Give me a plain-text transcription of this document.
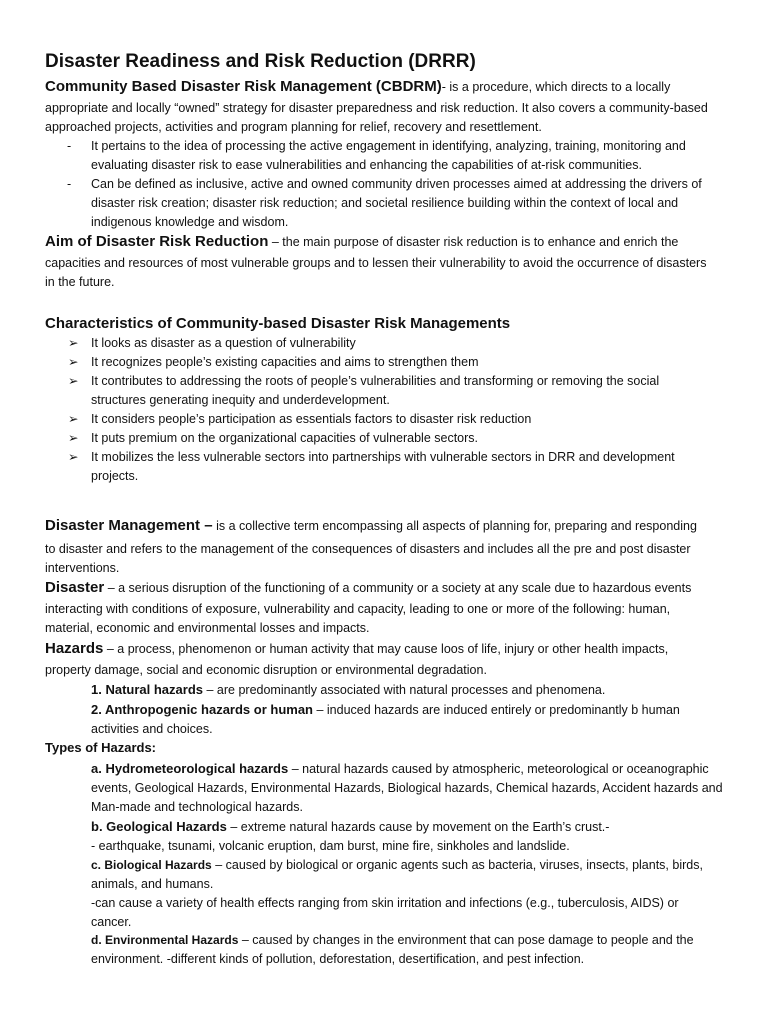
Disaster Readiness and Risk Reduction (DRRR)
Community Based Disaster Risk Management (CBDRM)- is a procedure, which directs to a locally
appropriate and locally “owned” strategy for disaster preparedness and risk reduction. It also covers a community-based
approached projects, activities and program planning for relief, recovery and resettlement.
- It pertains to the idea of processing the active engagement in identifying, analyzing, training, monitoring and
evaluating disaster risk to ease vulnerabilities and enhancing the capabilities of at-risk communities.
- Can be defined as inclusive, active and owned community driven processes aimed at addressing the drivers of
disaster risk creation; disaster risk reduction; and societal resilience building within the context of local and
indigenous knowledge and wisdom.
Aim of Disaster Risk Reduction – the main purpose of disaster risk reduction is to enhance and enrich the
capacities and resources of most vulnerable groups and to lessen their vulnerability to avoid the occurrence of disasters
in the future.
Characteristics of Community-based Disaster Risk Managements
➢ It looks as disaster as a question of vulnerability
➢ It recognizes people’s existing capacities and aims to strengthen them
➢ It contributes to addressing the roots of people’s vulnerabilities and transforming or removing the social
structures generating inequity and underdevelopment.
➢ It considers people’s participation as essentials factors to disaster risk reduction
➢ It puts premium on the organizational capacities of vulnerable sectors.
➢ It mobilizes the less vulnerable sectors into partnerships with vulnerable sectors in DRR and development
projects.
Disaster Management – is a collective term encompassing all aspects of planning for, preparing and responding
to disaster and refers to the management of the consequences of disasters and includes all the pre and post disaster
interventions.
Disaster – a serious disruption of the functioning of a community or a society at any scale due to hazardous events
interacting with conditions of exposure, vulnerability and capacity, leading to one or more of the following: human,
material, economic and environmental losses and impacts.
Hazards – a process, phenomenon or human activity that may cause loos of life, injury or other health impacts,
property damage, social and economic disruption or environmental degradation.
1. Natural hazards – are predominantly associated with natural processes and phenomena.
2. Anthropogenic hazards or human – induced hazards are induced entirely or predominantly b human
activities and choices.
Types of Hazards:
a. Hydrometeorological hazards – natural hazards caused by atmospheric, meteorological or oceanographic
events, Geological Hazards, Environmental Hazards, Biological hazards, Chemical hazards, Accident hazards and
Man-made and technological hazards.
b. Geological Hazards – extreme natural hazards cause by movement on the Earth’s crust.-
- earthquake, tsunami, volcanic eruption, dam burst, mine fire, sinkholes and landslide.
c. Biological Hazards – caused by biological or organic agents such as bacteria, viruses, insects, plants, birds,
animals, and humans.
-can cause a variety of health effects ranging from skin irritation and infections (e.g., tuberculosis, AIDS) or
cancer.
d. Environmental Hazards – caused by changes in the environment that can pose damage to people and the
environment. -different kinds of pollution, deforestation, desertification, and pest infection.
